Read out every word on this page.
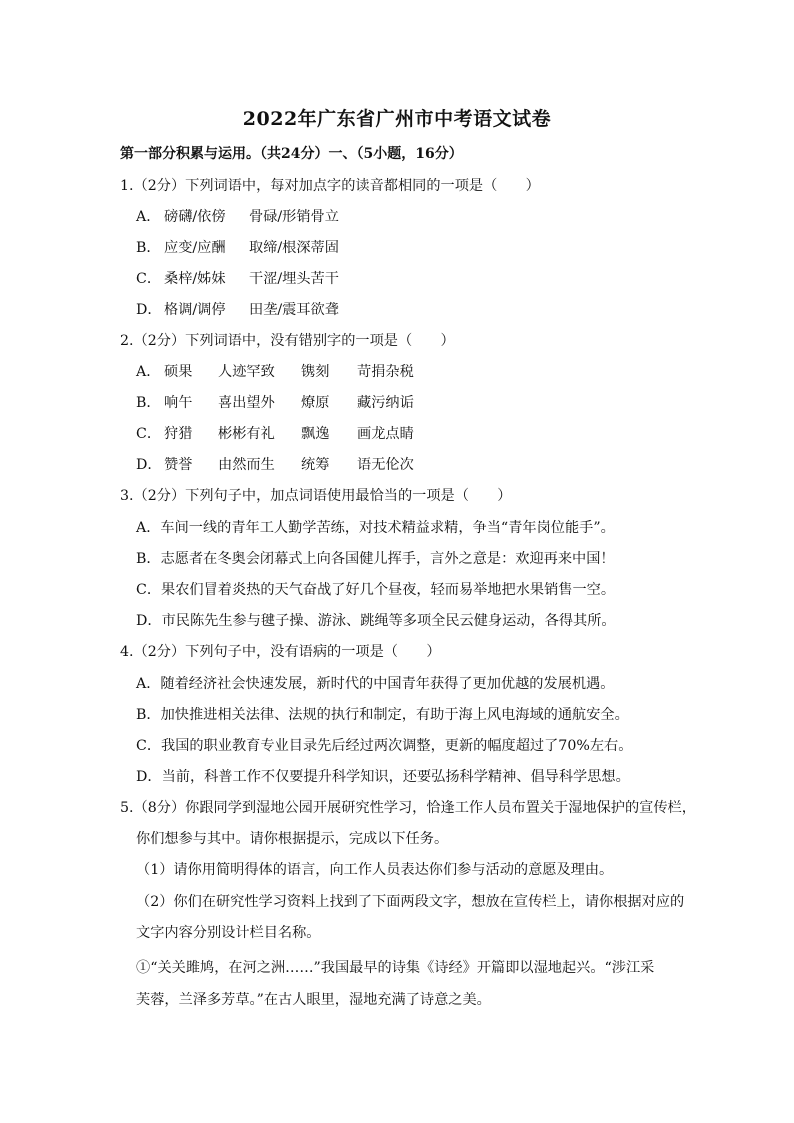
2022年广东省广州市中考语文试卷
第一部分积累与运用。（共24分）一、（5小题，16分）
1.（2分）下列词语中，每对加点字的读音都相同的一项是（　　）
A． 磅礴/依傍 骨碌/形销骨立
B． 应变/应酬 取缔/根深蒂固
C． 桑梓/姊妹 干涩/埋头苦干
D． 格调/调停 田垄/震耳欲聋
2.（2分）下列词语中，没有错别字的一项是（　　）
A． 硕果 人迹罕致 镌刻 苛捐杂税
B． 响午 喜出望外 燎原 藏污纳诟
C． 狩猎 彬彬有礼 飘逸 画龙点睛
D． 赞誉 由然而生 统筹 语无伦次
3.（2分）下列句子中，加点词语使用最恰当的一项是（　　）
A．车间一线的青年工人勤学苦练，对技术精益求精，争当“青年岗位能手”。
B．志愿者在冬奥会闭幕式上向各国健儿挥手，言外之意是：欢迎再来中国！
C．果农们冒着炎热的天气奋战了好几个昼夜，轻而易举地把水果销售一空。
D．市民陈先生参与毽子操、游泳、跳绳等多项全民云健身运动，各得其所。
4.（2分）下列句子中，没有语病的一项是（　　）
A．随着经济社会快速发展，新时代的中国青年获得了更加优越的发展机遇。
B．加快推进相关法律、法规的执行和制定，有助于海上风电海域的通航安全。
C．我国的职业教育专业目录先后经过两次调整，更新的幅度超过了70%左右。
D．当前，科普工作不仅要提升科学知识，还要弘扬科学精神、倡导科学思想。
5.（8分）你跟同学到湿地公园开展研究性学习，恰逢工作人员布置关于湿地保护的宣传栏，
你们想参与其中。请你根据提示，完成以下任务。
（1）请你用简明得体的语言，向工作人员表达你们参与活动的意愿及理由。
（2）你们在研究性学习资料上找到了下面两段文字，想放在宣传栏上，请你根据对应的
文字内容分别设计栏目名称。
①“关关雎鸠，在河之洲……”我国最早的诗集《诗经》开篇即以湿地起兴。“涉江采
芙蓉，兰泽多芳草。”在古人眼里，湿地充满了诗意之美。
